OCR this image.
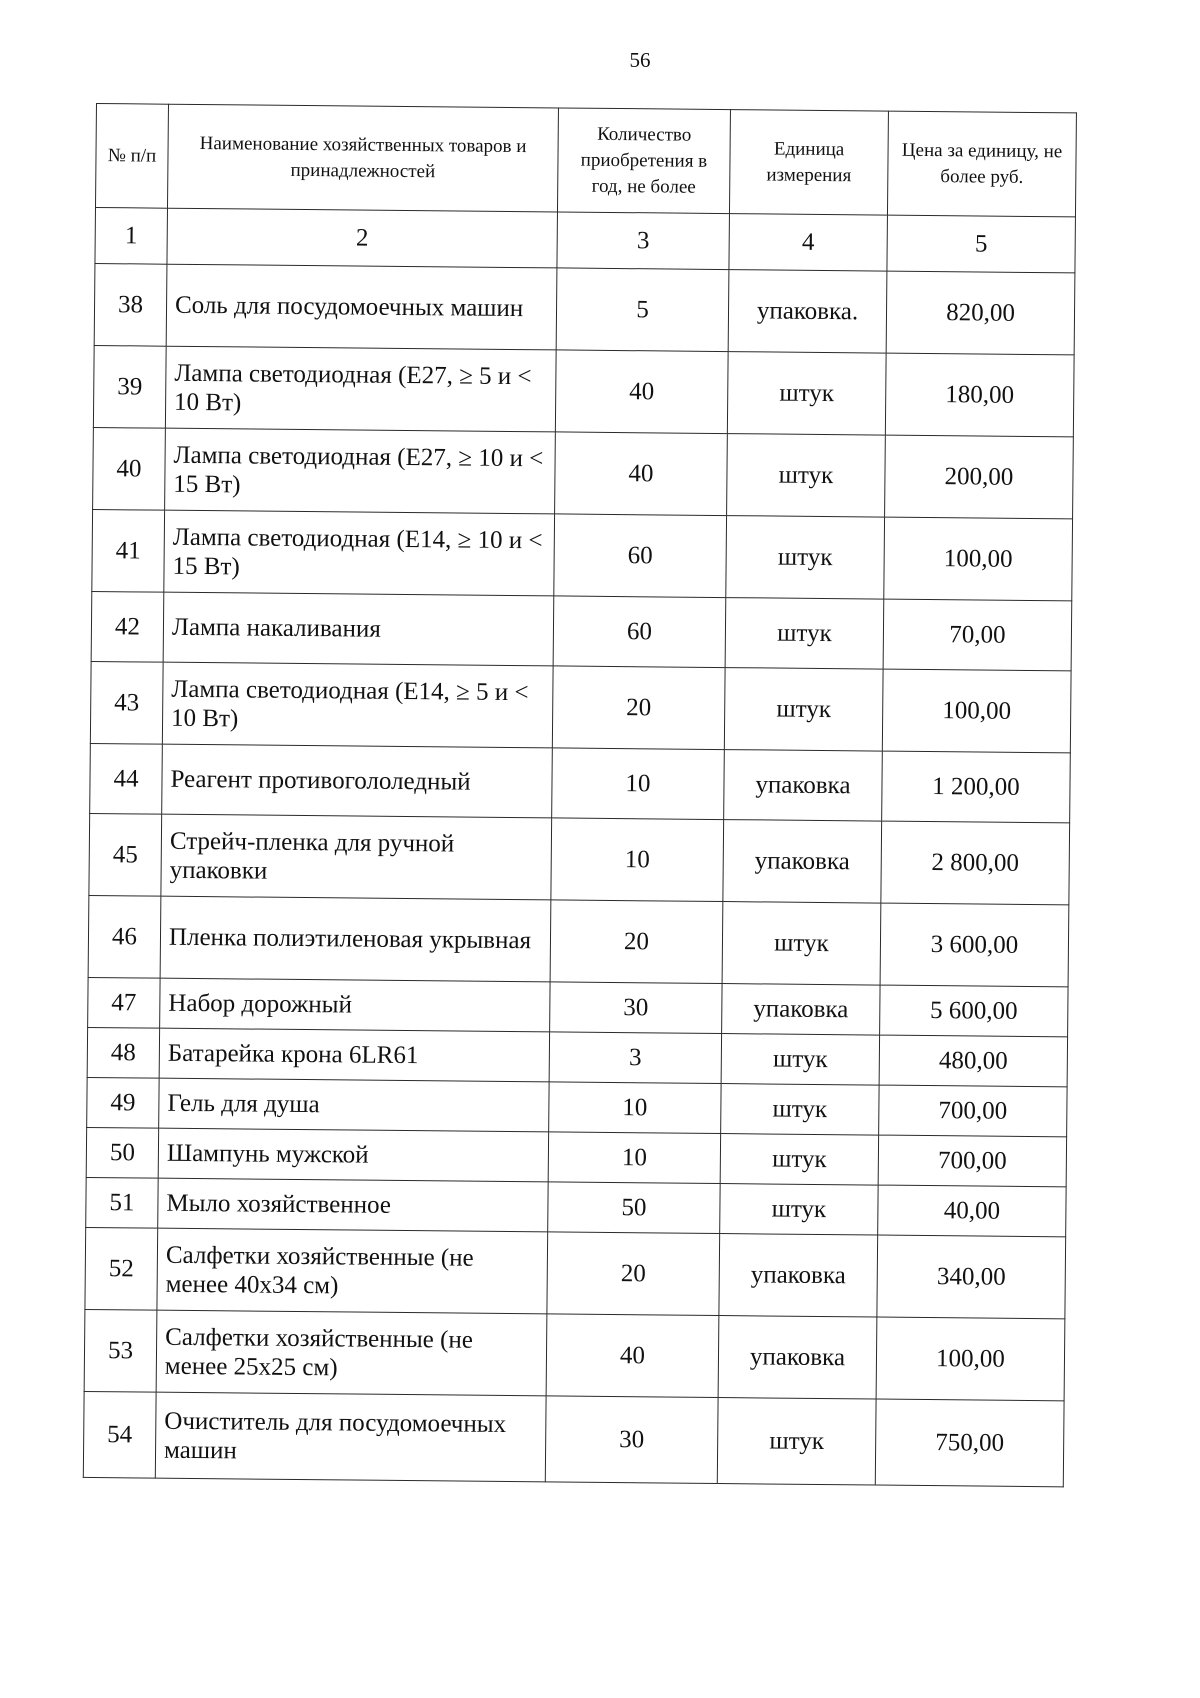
56
№ п/п	Наименование хозяйственных товаров и принадлежностей	Количество приобретения в год, не более	Единица измерения	Цена за единицу, не более руб.
1	2	3	4	5
38	Соль для посудомоечных машин	5	упаковка.	820,00
39	Лампа светодиодная (Е27, ≥ 5 и < 10 Вт)	40	штук	180,00
40	Лампа светодиодная (Е27, ≥ 10 и < 15 Вт)	40	штук	200,00
41	Лампа светодиодная (Е14, ≥ 10 и < 15 Вт)	60	штук	100,00
42	Лампа накаливания	60	штук	70,00
43	Лампа светодиодная (Е14, ≥ 5 и < 10 Вт)	20	штук	100,00
44	Реагент противогололедный	10	упаковка	1 200,00
45	Стрейч-пленка для ручной упаковки	10	упаковка	2 800,00
46	Пленка полиэтиленовая укрывная	20	штук	3 600,00
47	Набор дорожный	30	упаковка	5 600,00
48	Батарейка крона 6LR61	3	штук	480,00
49	Гель для душа	10	штук	700,00
50	Шампунь мужской	10	штук	700,00
51	Мыло хозяйственное	50	штук	40,00
52	Салфетки хозяйственные (не менее 40х34 см)	20	упаковка	340,00
53	Салфетки хозяйственные (не менее 25х25 см)	40	упаковка	100,00
54	Очиститель для посудомоечных машин	30	штук	750,00
